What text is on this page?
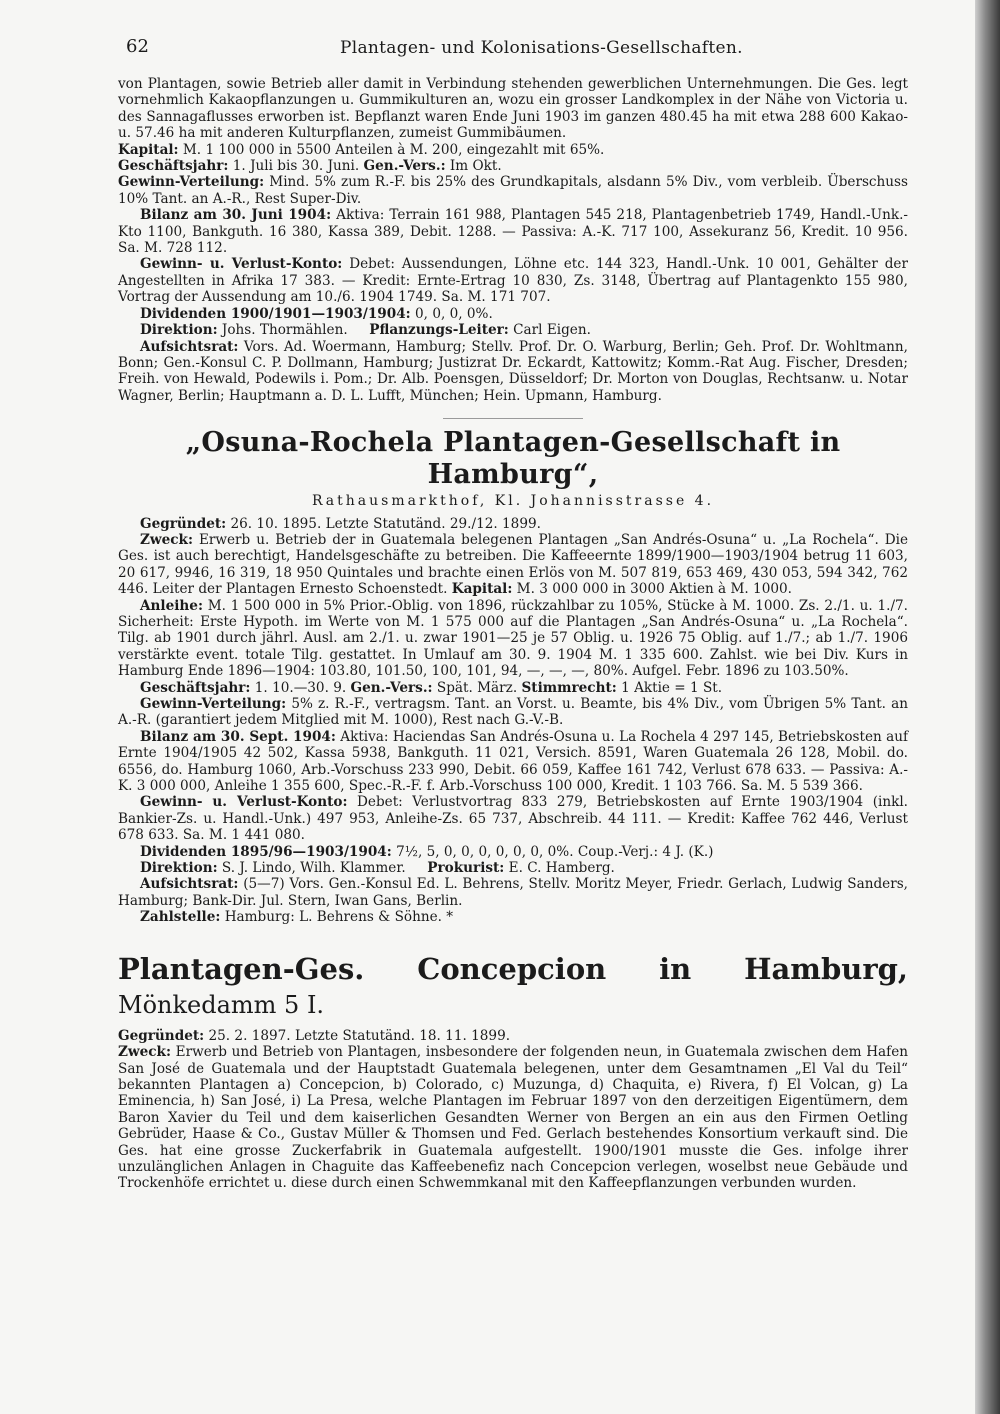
62	Plantagen- und Kolonisations-Gesellschaften.

von Plantagen, sowie Betrieb aller damit in Verbindung stehenden gewerblichen Unternehmungen. Die Ges. legt vornehmlich Kakaopflanzungen u. Gummikulturen an, wozu ein grosser Landkomplex in der Nähe von Victoria u. des Sannagaflusses erworben ist. Bepflanzt waren Ende Juni 1903 im ganzen 480.45 ha mit etwa 288 600 Kakao- u. 57.46 ha mit anderen Kulturpflanzen, zumeist Gummibäumen.

Kapital: M. 1 100 000 in 5500 Anteilen à M. 200, eingezahlt mit 65%.

Geschäftsjahr: 1. Juli bis 30. Juni. Gen.-Vers.: Im Okt.

Gewinn-Verteilung: Mind. 5% zum R.-F. bis 25% des Grundkapitals, alsdann 5% Div., vom verbleib. Überschuss 10% Tant. an A.-R., Rest Super-Div.

Bilanz am 30. Juni 1904: Aktiva: Terrain 161 988, Plantagen 545 218, Plantagenbetrieb 1749, Handl.-Unk.-Kto 1100, Bankguth. 16 380, Kassa 389, Debit. 1288. — Passiva: A.-K. 717 100, Assekuranz 56, Kredit. 10 956. Sa. M. 728 112.

Gewinn- u. Verlust-Konto: Debet: Aussendungen, Löhne etc. 144 323, Handl.-Unk. 10 001, Gehälter der Angestellten in Afrika 17 383. — Kredit: Ernte-Ertrag 10 830, Zs. 3148, Übertrag auf Plantagenkto 155 980, Vortrag der Aussendung am 10./6. 1904 1749. Sa. M. 171 707.

Dividenden 1900/1901—1903/1904: 0, 0, 0, 0%.

Direktion: Johs. Thormählen. Pflanzungs-Leiter: Carl Eigen.

Aufsichtsrat: Vors. Ad. Woermann, Hamburg; Stellv. Prof. Dr. O. Warburg, Berlin; Geh. Prof. Dr. Wohltmann, Bonn; Gen.-Konsul C. P. Dollmann, Hamburg; Justizrat Dr. Eckardt, Kattowitz; Komm.-Rat Aug. Fischer, Dresden; Freih. von Hewald, Podewils i. Pom.; Dr. Alb. Poensgen, Düsseldorf; Dr. Morton von Douglas, Rechtsanw. u. Notar Wagner, Berlin; Hauptmann a. D. L. Lufft, München; Hein. Upmann, Hamburg.

„Osuna-Rochela Plantagen-Gesellschaft in Hamburg“,
Rathausmarkthof, Kl. Johannisstrasse 4.

Gegründet: 26. 10. 1895. Letzte Statutänd. 29./12. 1899.

Zweck: Erwerb u. Betrieb der in Guatemala belegenen Plantagen „San Andrés-Osuna“ u. „La Rochela“. Die Ges. ist auch berechtigt, Handelsgeschäfte zu betreiben. Die Kaffeeernte 1899/1900—1903/1904 betrug 11 603, 20 617, 9946, 16 319, 18 950 Quintales und brachte einen Erlös von M. 507 819, 653 469, 430 053, 594 342, 762 446. Leiter der Plantagen Ernesto Schoenstedt. Kapital: M. 3 000 000 in 3000 Aktien à M. 1000.

Anleihe: M. 1 500 000 in 5% Prior.-Oblig. von 1896, rückzahlbar zu 105%, Stücke à M. 1000. Zs. 2./1. u. 1./7. Sicherheit: Erste Hypoth. im Werte von M. 1 575 000 auf die Plantagen „San Andrés-Osuna“ u. „La Rochela“. Tilg. ab 1901 durch jährl. Ausl. am 2./1. u. zwar 1901—25 je 57 Oblig. u. 1926 75 Oblig. auf 1./7.; ab 1./7. 1906 verstärkte event. totale Tilg. gestattet. In Umlauf am 30. 9. 1904 M. 1 335 600. Zahlst. wie bei Div. Kurs in Hamburg Ende 1896—1904: 103.80, 101.50, 100, 101, 94, —, —, —, 80%. Aufgel. Febr. 1896 zu 103.50%.

Geschäftsjahr: 1. 10.—30. 9. Gen.-Vers.: Spät. März. Stimmrecht: 1 Aktie = 1 St.

Gewinn-Verteilung: 5% z. R.-F., vertragsm. Tant. an Vorst. u. Beamte, bis 4% Div., vom Übrigen 5% Tant. an A.-R. (garantiert jedem Mitglied mit M. 1000), Rest nach G.-V.-B.

Bilanz am 30. Sept. 1904: Aktiva: Haciendas San Andrés-Osuna u. La Rochela 4 297 145, Betriebskosten auf Ernte 1904/1905 42 502, Kassa 5938, Bankguth. 11 021, Versich. 8591, Waren Guatemala 26 128, Mobil. do. 6556, do. Hamburg 1060, Arb.-Vorschuss 233 990, Debit. 66 059, Kaffee 161 742, Verlust 678 633. — Passiva: A.-K. 3 000 000, Anleihe 1 355 600, Spec.-R.-F. f. Arb.-Vorschuss 100 000, Kredit. 1 103 766. Sa. M. 5 539 366.

Gewinn- u. Verlust-Konto: Debet: Verlustvortrag 833 279, Betriebskosten auf Ernte 1903/1904 (inkl. Bankier-Zs. u. Handl.-Unk.) 497 953, Anleihe-Zs. 65 737, Abschreib. 44 111. — Kredit: Kaffee 762 446, Verlust 678 633. Sa. M. 1 441 080.

Dividenden 1895/96—1903/1904: 7½, 5, 0, 0, 0, 0, 0, 0, 0%. Coup.-Verj.: 4 J. (K.)

Direktion: S. J. Lindo, Wilh. Klammer. Prokurist: E. C. Hamberg.

Aufsichtsrat: (5—7) Vors. Gen.-Konsul Ed. L. Behrens, Stellv. Moritz Meyer, Friedr. Gerlach, Ludwig Sanders, Hamburg; Bank-Dir. Jul. Stern, Iwan Gans, Berlin.

Zahlstelle: Hamburg: L. Behrens & Söhne. *

Plantagen-Ges. Concepcion in Hamburg, Mönkedamm 5 I.

Gegründet: 25. 2. 1897. Letzte Statutänd. 18. 11. 1899.

Zweck: Erwerb und Betrieb von Plantagen, insbesondere der folgenden neun, in Guatemala zwischen dem Hafen San José de Guatemala und der Hauptstadt Guatemala belegenen, unter dem Gesamtnamen „El Val du Teil“ bekannten Plantagen a) Concepcion, b) Colorado, c) Muzunga, d) Chaquita, e) Rivera, f) El Volcan, g) La Eminencia, h) San José, i) La Presa, welche Plantagen im Februar 1897 von den derzeitigen Eigentümern, dem Baron Xavier du Teil und dem kaiserlichen Gesandten Werner von Bergen an ein aus den Firmen Oetling Gebrüder, Haase & Co., Gustav Müller & Thomsen und Fed. Gerlach bestehendes Konsortium verkauft sind. Die Ges. hat eine grosse Zuckerfabrik in Guatemala aufgestellt. 1900/1901 musste die Ges. infolge ihrer unzulänglichen Anlagen in Chaguite das Kaffeebenefiz nach Concepcion verlegen, woselbst neue Gebäude und Trockenhöfe errichtet u. diese durch einen Schwemmkanal mit den Kaffeepflanzungen verbunden wurden.
